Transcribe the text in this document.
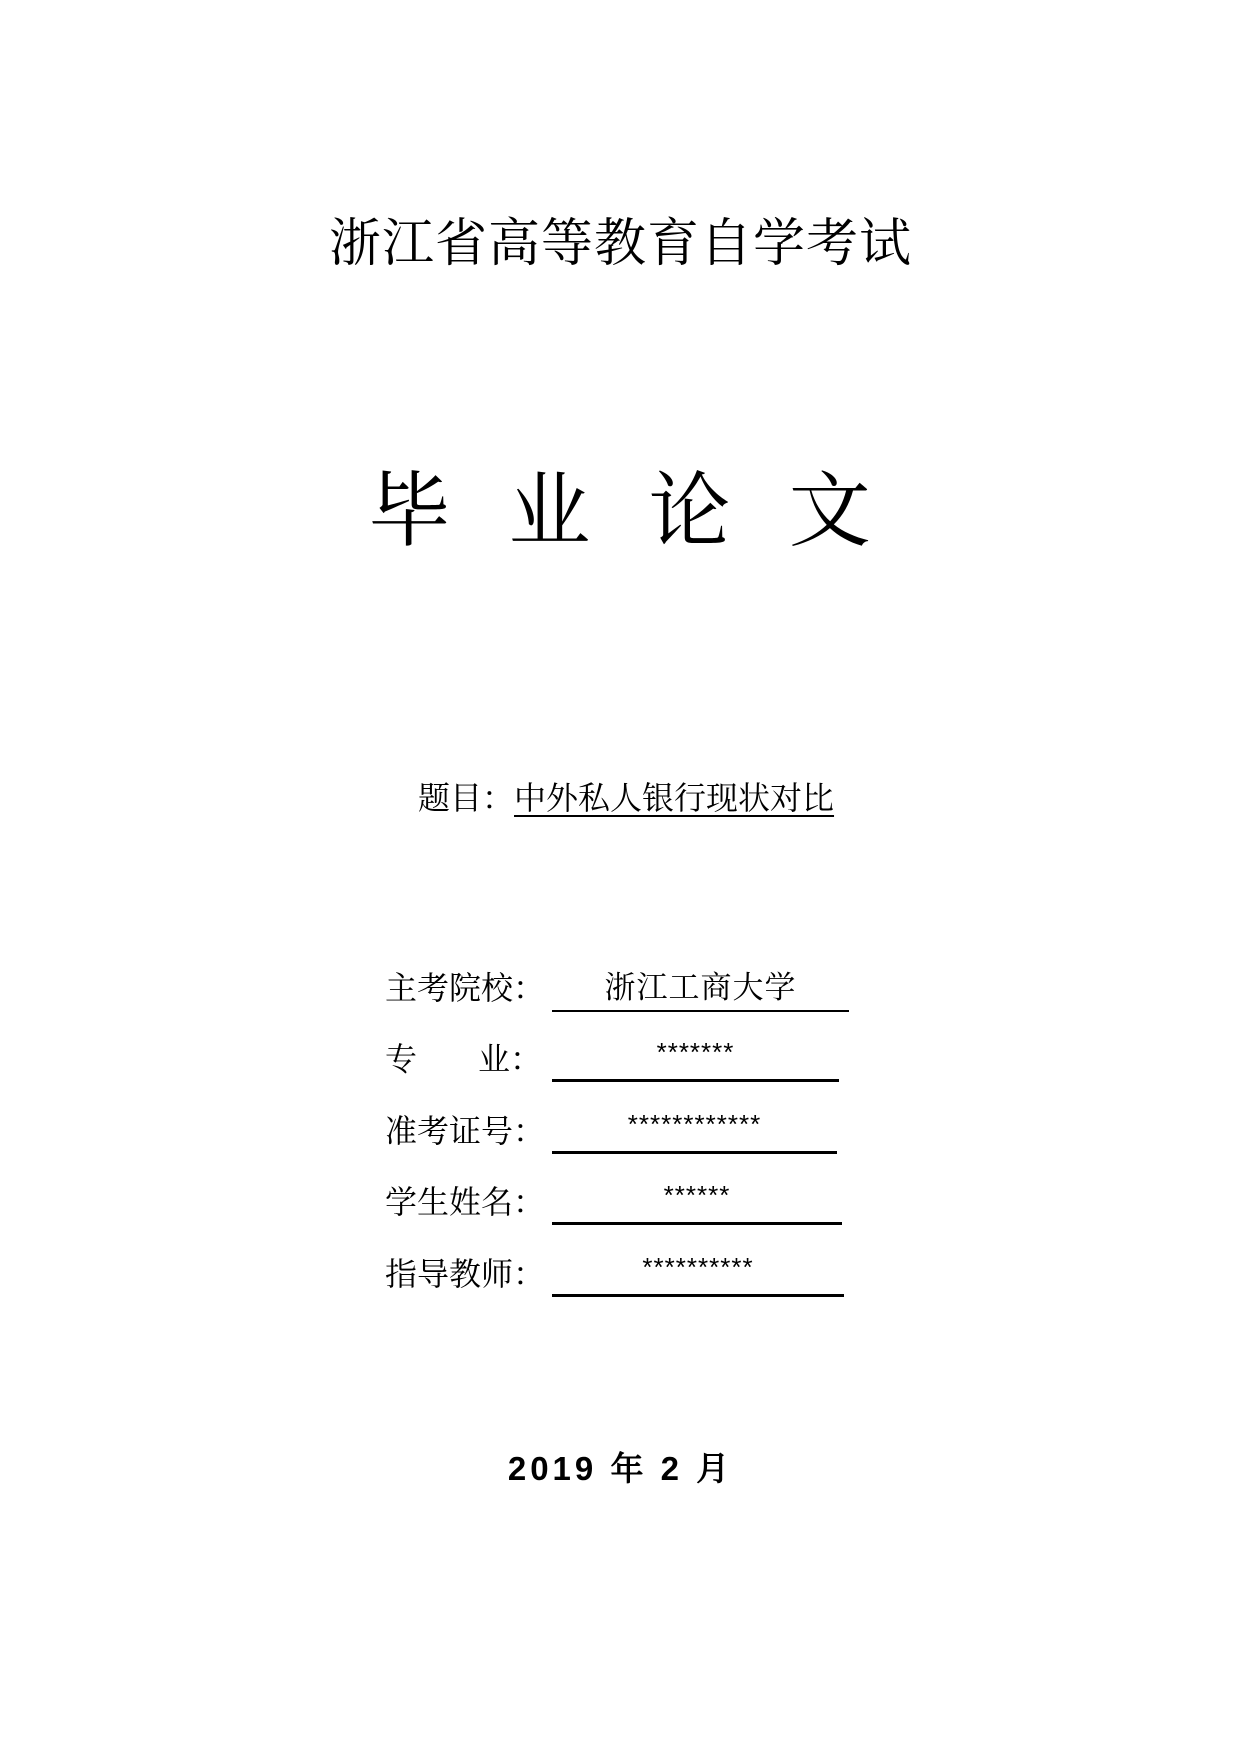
浙江省高等教育自学考试
毕  业  论  文
题目：中外私人银行现状对比
主考院校：	浙江工商大学
专      业：	*******
准考证号：	************
学生姓名：	******
指导教师：	**********
2019 年 2 月
